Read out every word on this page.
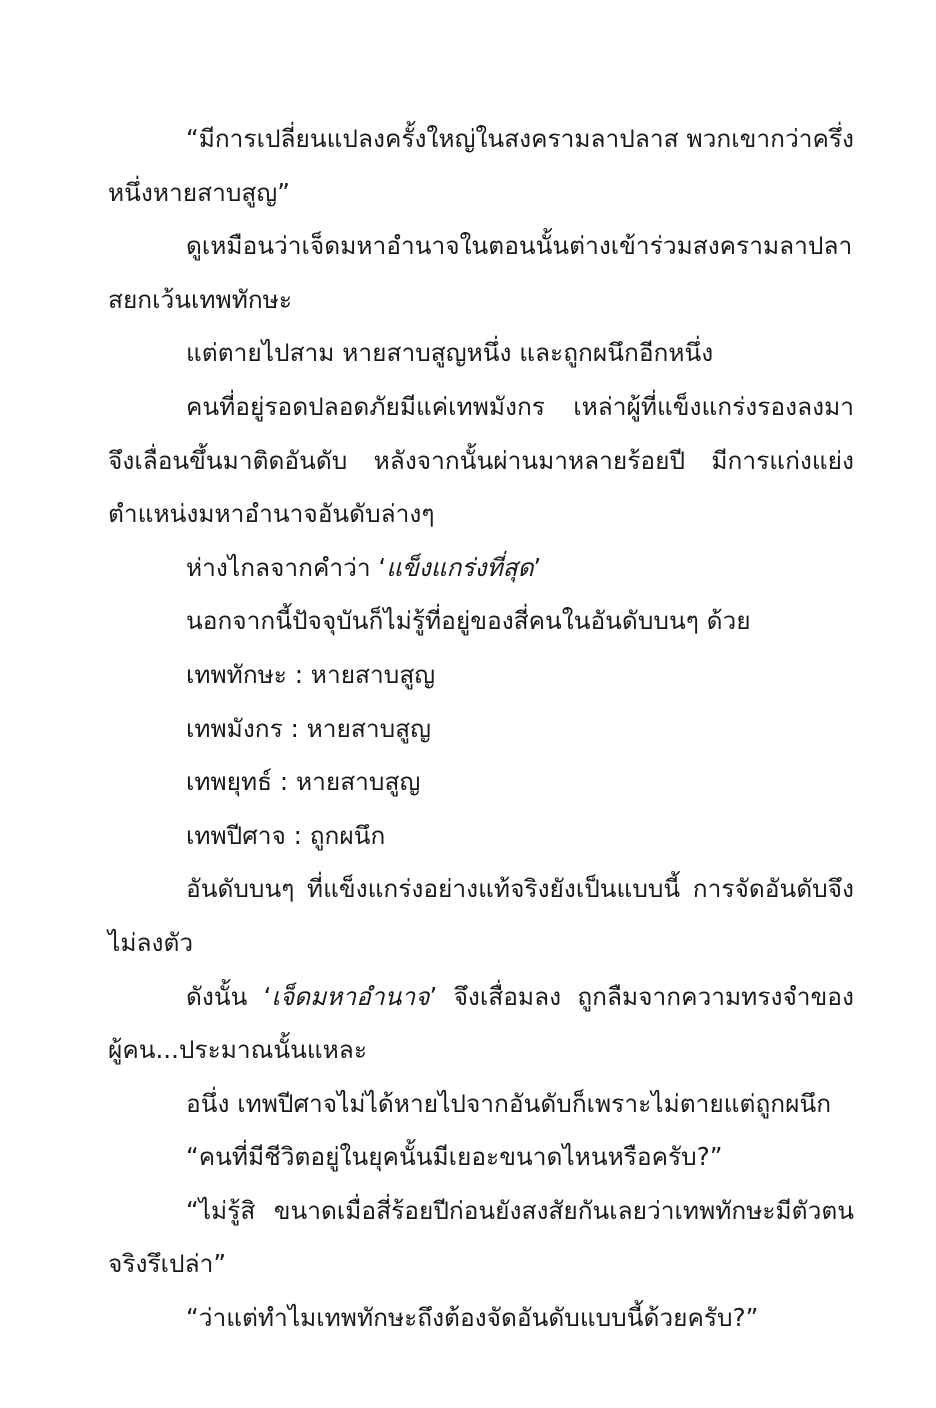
“มีการเปลี่ยนแปลงครั้งใหญ่ในสงครามลาปลาส พวกเขากว่าครึ่งหนึ่งหายสาบสูญ”

ดูเหมือนว่าเจ็ดมหาอำนาจในตอนนั้นต่างเข้าร่วมสงครามลาปลาสยกเว้นเทพทักษะ

แต่ตายไปสาม หายสาบสูญหนึ่ง และถูกผนึกอีกหนึ่ง

คนที่อยู่รอดปลอดภัยมีแค่เทพมังกร เหล่าผู้ที่แข็งแกร่งรองลงมาจึงเลื่อนขึ้นมาติดอันดับ หลังจากนั้นผ่านมาหลายร้อยปี มีการแก่งแย่งตำแหน่งมหาอำนาจอันดับล่างๆ

ห่างไกลจากคำว่า ‘แข็งแกร่งที่สุด’

นอกจากนี้ปัจจุบันก็ไม่รู้ที่อยู่ของสี่คนในอันดับบนๆ ด้วย

เทพทักษะ : หายสาบสูญ

เทพมังกร : หายสาบสูญ

เทพยุทธ์ : หายสาบสูญ

เทพปีศาจ : ถูกผนึก

อันดับบนๆ ที่แข็งแกร่งอย่างแท้จริงยังเป็นแบบนี้ การจัดอันดับจึงไม่ลงตัว

ดังนั้น ‘เจ็ดมหาอำนาจ’ จึงเสื่อมลง ถูกลืมจากความทรงจำของผู้คน...ประมาณนั้นแหละ

อนึ่ง เทพปีศาจไม่ได้หายไปจากอันดับก็เพราะไม่ตายแต่ถูกผนึก

“คนที่มีชีวิตอยู่ในยุคนั้นมีเยอะขนาดไหนหรือครับ?”

“ไม่รู้สิ ขนาดเมื่อสี่ร้อยปีก่อนยังสงสัยกันเลยว่าเทพทักษะมีตัวตนจริงรึเปล่า”

“ว่าแต่ทำไมเทพทักษะถึงต้องจัดอันดับแบบนี้ด้วยครับ?”
